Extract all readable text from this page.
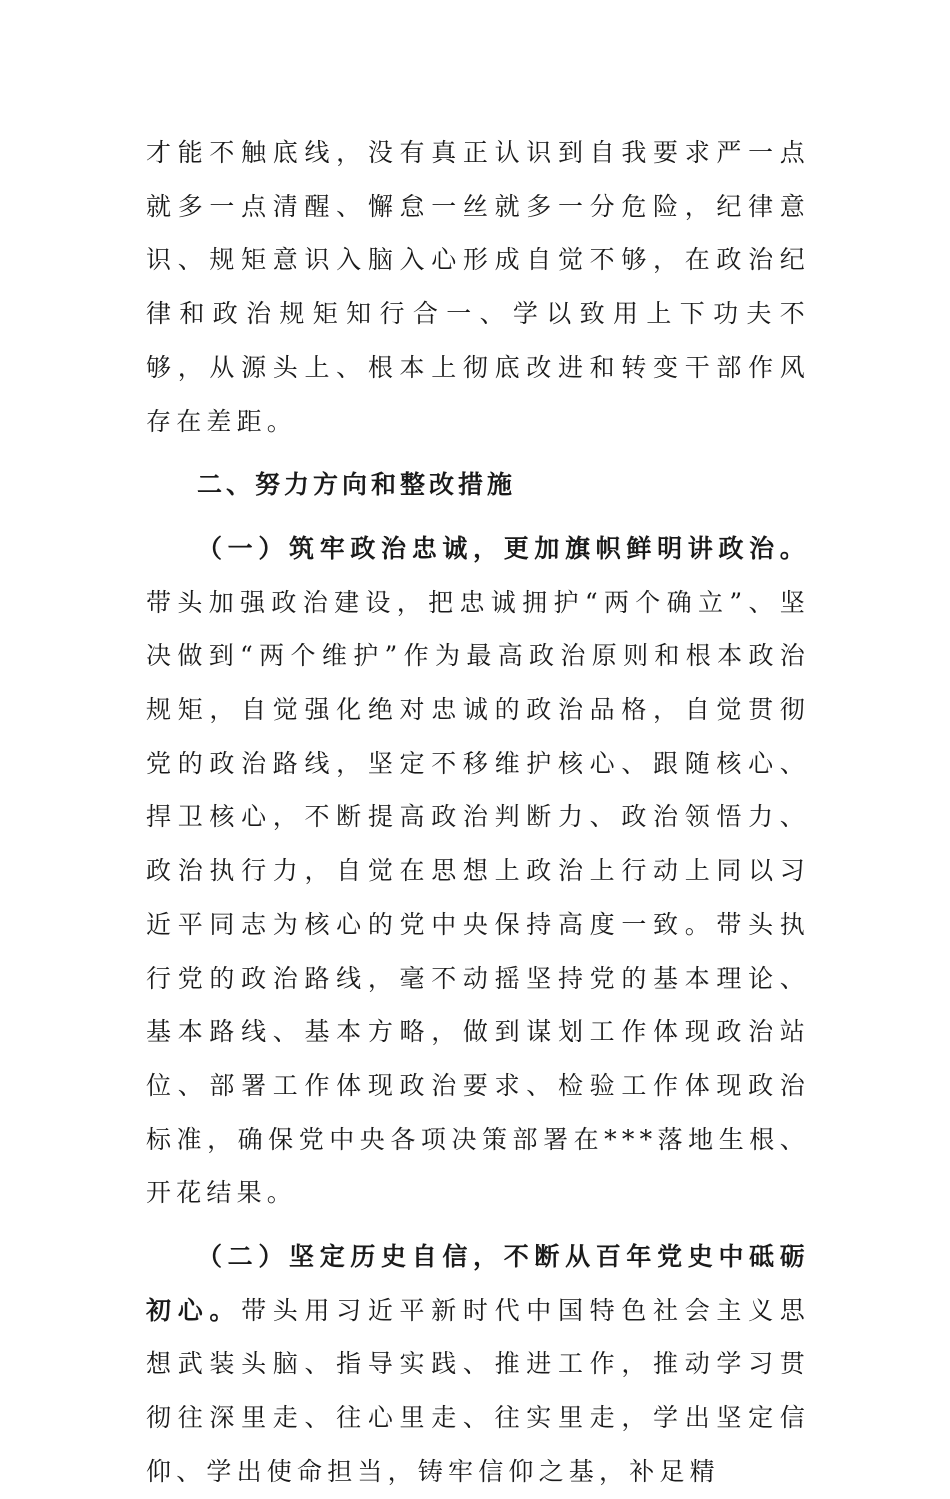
才能不触底线，没有真正认识到自我要求严一点就多一点清醒、懈怠一丝就多一分危险，纪律意识、规矩意识入脑入心形成自觉不够，在政治纪律和政治规矩知行合一、学以致用上下功夫不够，从源头上、根本上彻底改进和转变干部作风存在差距。

二、努力方向和整改措施

（一）筑牢政治忠诚，更加旗帜鲜明讲政治。带头加强政治建设，把忠诚拥护“两个确立”、坚决做到“两个维护”作为最高政治原则和根本政治规矩，自觉强化绝对忠诚的政治品格，自觉贯彻党的政治路线，坚定不移维护核心、跟随核心、捍卫核心，不断提高政治判断力、政治领悟力、政治执行力，自觉在思想上政治上行动上同以习近平同志为核心的党中央保持高度一致。带头执行党的政治路线，毫不动摇坚持党的基本理论、基本路线、基本方略，做到谋划工作体现政治站位、部署工作体现政治要求、检验工作体现政治标准，确保党中央各项决策部署在***落地生根、开花结果。

（二）坚定历史自信，不断从百年党史中砥砺初心。带头用习近平新时代中国特色社会主义思想武装头脑、指导实践、推进工作，推动学习贯彻往深里走、往心里走、往实里走，学出坚定信仰、学出使命担当，铸牢信仰之基，补足精
